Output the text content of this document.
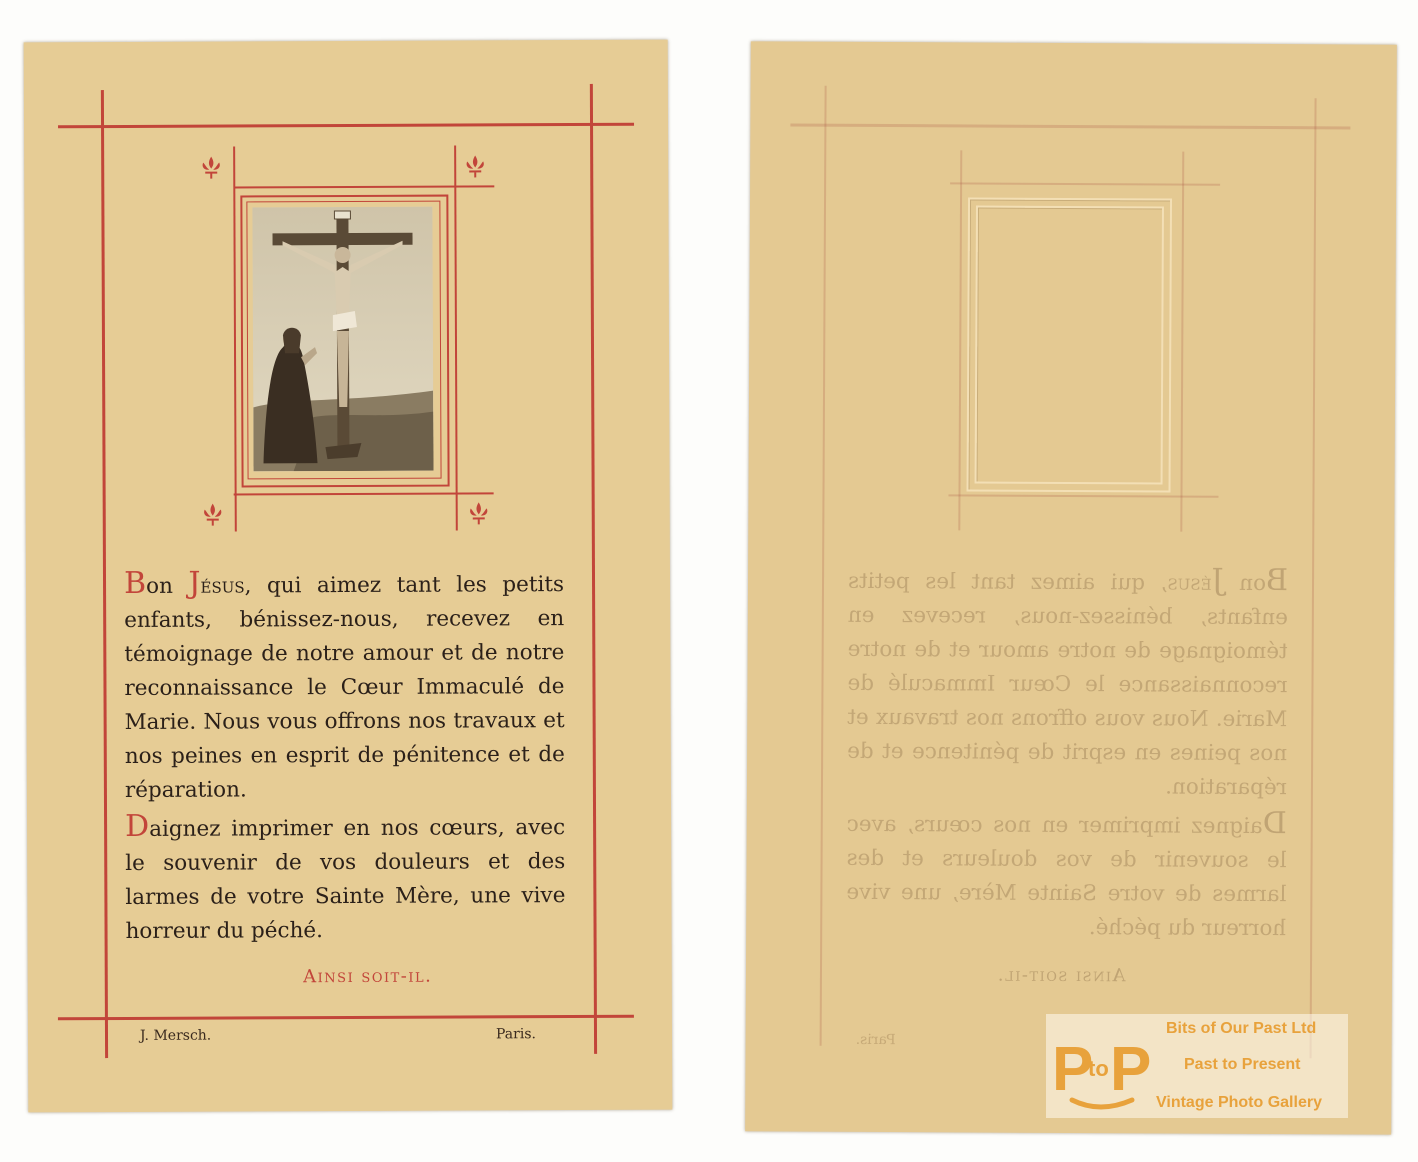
Bon Jésus, qui aimez tant les petits enfants, bénissez-nous, recevez en témoignage de notre amour et de notre reconnaissance le Cœur Immaculé de Marie. Nous vous offrons nos travaux et nos peines en esprit de pénitence et de réparation.

Daignez imprimer en nos cœurs, avec le souvenir de vos douleurs et des larmes de votre Sainte Mère, une vive horreur du péché.

Ainsi soit-il.
J. Mersch.	Paris.

Bon Jésus, qui aimez tant les petits enfants, bénissez-nous, recevez en témoignage de notre amour et de notre reconnaissance le Cœur Immaculé de Marie. Nous vous offrons nos travaux et nos peines en esprit de pénitence et de réparation.

Daignez imprimer en nos cœurs, avec le souvenir de vos douleurs et des larmes de votre Sainte Mère, une vive horreur du péché.

Ainsi soit-il.
Paris.	P
to P
Bits of Our Past Ltd
Past to Present
Vintage Photo Gallery
